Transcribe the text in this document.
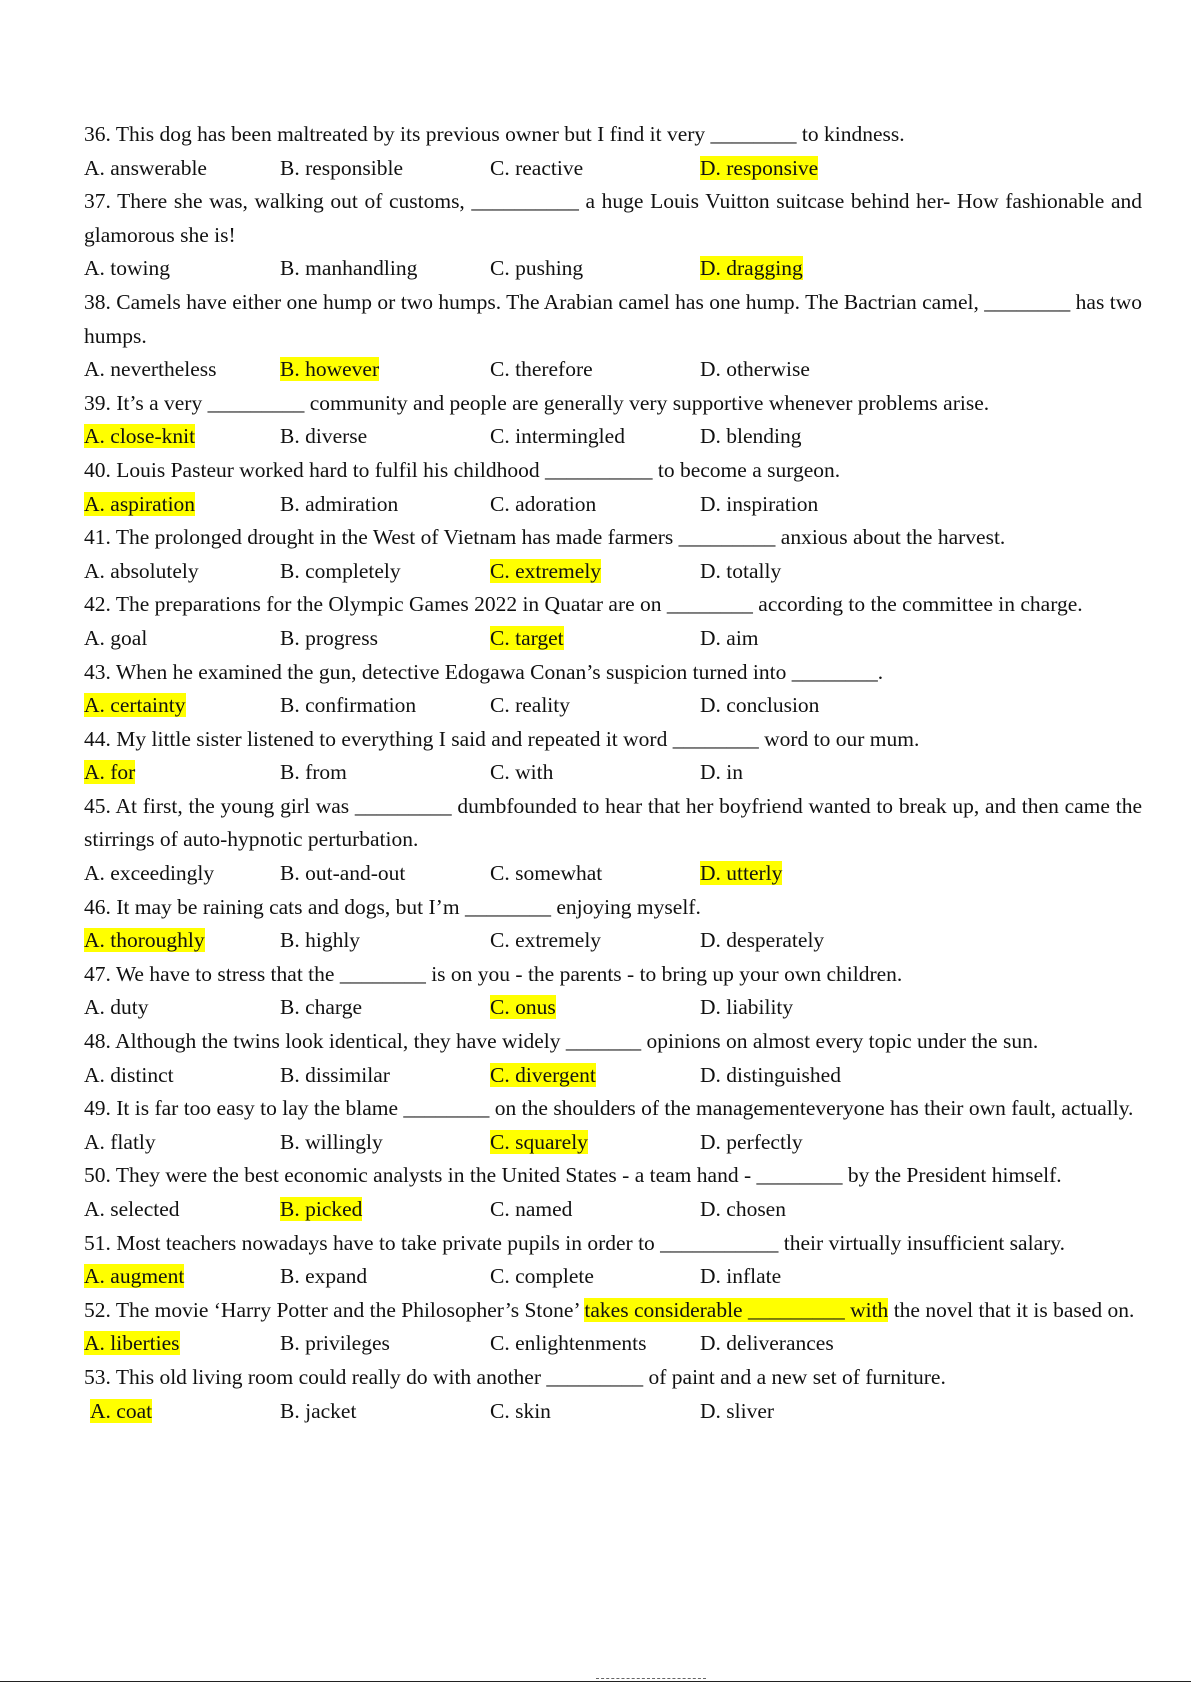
36. This dog has been maltreated by its previous owner but I find it very ________ to kindness.
A. answerable	B. responsible	C. reactive	D. responsive
37. There she was, walking out of customs, __________ a huge Louis Vuitton suitcase behind her- How fashionable and glamorous she is!
A. towing	B. manhandling	C. pushing	D. dragging
38. Camels have either one hump or two humps. The Arabian camel has one hump. The Bactrian camel, ________ has two humps.
A. nevertheless	B. however	C. therefore	D. otherwise
39. It’s a very _________ community and people are generally very supportive whenever problems arise.
A. close-knit	B. diverse	C. intermingled	D. blending
40. Louis Pasteur worked hard to fulfil his childhood __________ to become a surgeon.
A. aspiration	B. admiration	C. adoration	D. inspiration
41. The prolonged drought in the West of Vietnam has made farmers _________ anxious about the harvest.
A. absolutely	B. completely	C. extremely	D. totally
42. The preparations for the Olympic Games 2022 in Quatar are on ________ according to the committee in charge.
A. goal	B. progress	C. target	D. aim
43. When he examined the gun, detective Edogawa Conan’s suspicion turned into ________.
A. certainty	B. confirmation	C. reality	D. conclusion
44. My little sister listened to everything I said and repeated it word ________ word to our mum.
A. for	B. from	C. with	D. in
45. At first, the young girl was _________ dumbfounded to hear that her boyfriend wanted to break up, and then came the stirrings of auto-hypnotic perturbation.
A. exceedingly	B. out-and-out	C. somewhat	D. utterly
46. It may be raining cats and dogs, but I’m ________ enjoying myself.
A. thoroughly	B. highly	C. extremely	D. desperately
47. We have to stress that the ________ is on you - the parents - to bring up your own children.
A. duty	B. charge	C. onus	D. liability
48. Although the twins look identical, they have widely _______ opinions on almost every topic under the sun.
A. distinct	B. dissimilar	C. divergent	D. distinguished
49. It is far too easy to lay the blame ________ on the shoulders of the managementeveryone has their own fault, actually.
A. flatly	B. willingly	C. squarely	D. perfectly
50. They were the best economic analysts in the United States - a team hand - ________ by the President himself.
A. selected	B. picked	C. named	D. chosen
51. Most teachers nowadays have to take private pupils in order to ___________ their virtually insufficient salary.
A. augment	B. expand	C. complete	D. inflate
52. The movie ‘Harry Potter and the Philosopher’s Stone’ takes considerable _________ with the novel that it is based on.
A. liberties	B. privileges	C. enlightenments	D. deliverances
53. This old living room could really do with another _________ of paint and a new set of furniture.
A. coat	B. jacket	C. skin	D. sliver
